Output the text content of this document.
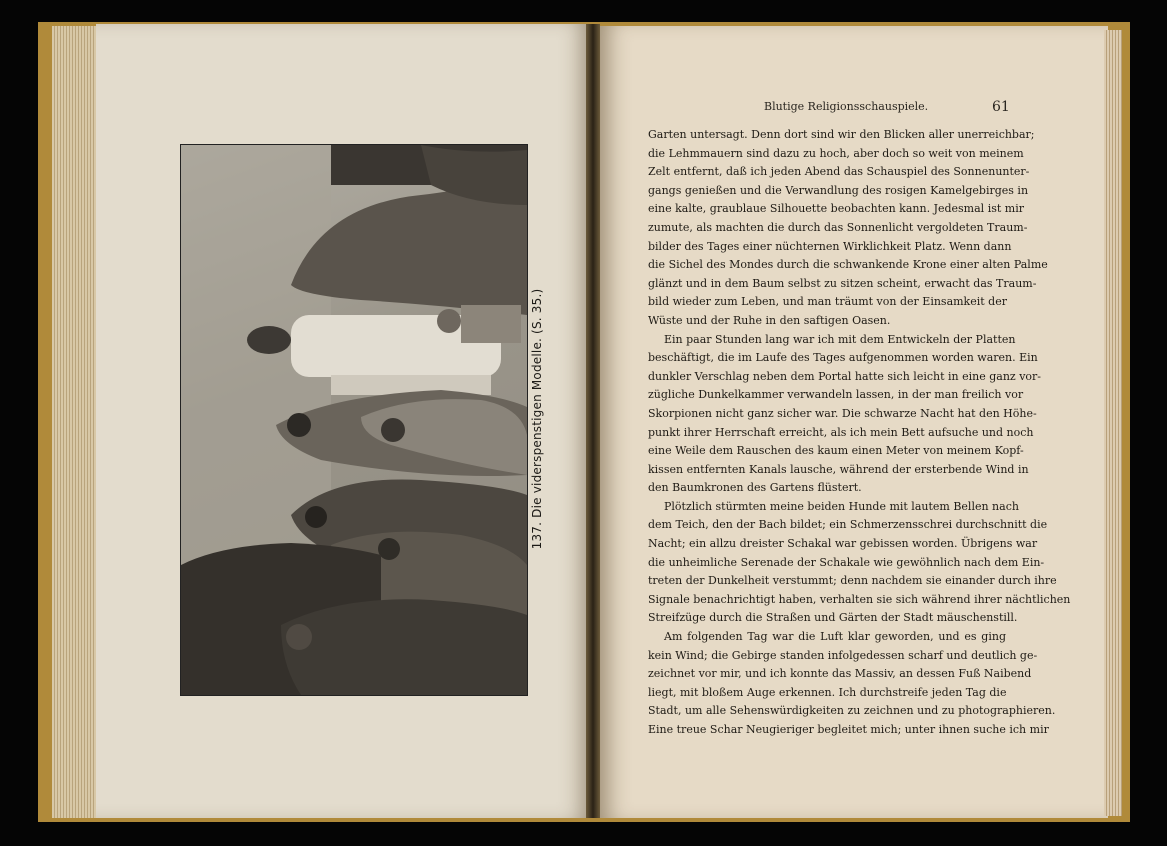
137. Die viderspenstigen Modelle. (S. 35.)
Blutige Religionsschauspiele.	61
Garten untersagt. Denn dort sind wir den Blicken aller unerreichbar;
die Lehmmauern sind dazu zu hoch, aber doch so weit von meinem
Zelt entfernt, daß ich jeden Abend das Schauspiel des Sonnenunter-
gangs genießen und die Verwandlung des rosigen Kamelgebirges in
eine kalte, graublaue Silhouette beobachten kann. Jedesmal ist mir
zumute, als machten die durch das Sonnenlicht vergoldeten Traum-
bilder des Tages einer nüchternen Wirklichkeit Platz. Wenn dann
die Sichel des Mondes durch die schwankende Krone einer alten Palme
glänzt und in dem Baum selbst zu sitzen scheint, erwacht das Traum-
bild wieder zum Leben, und man träumt von der Einsamkeit der
Wüste und der Ruhe in den saftigen Oasen.
Ein paar Stunden lang war ich mit dem Entwickeln der Platten
beschäftigt, die im Laufe des Tages aufgenommen worden waren. Ein
dunkler Verschlag neben dem Portal hatte sich leicht in eine ganz vor-
zügliche Dunkelkammer verwandeln lassen, in der man freilich vor
Skorpionen nicht ganz sicher war. Die schwarze Nacht hat den Höhe-
punkt ihrer Herrschaft erreicht, als ich mein Bett aufsuche und noch
eine Weile dem Rauschen des kaum einen Meter von meinem Kopf-
kissen entfernten Kanals lausche, während der ersterbende Wind in
den Baumkronen des Gartens flüstert.
Plötzlich stürmten meine beiden Hunde mit lautem Bellen nach
dem Teich, den der Bach bildet; ein Schmerzensschrei durchschnitt die
Nacht; ein allzu dreister Schakal war gebissen worden. Übrigens war
die unheimliche Serenade der Schakale wie gewöhnlich nach dem Ein-
treten der Dunkelheit verstummt; denn nachdem sie einander durch ihre
Signale benachrichtigt haben, verhalten sie sich während ihrer nächtlichen
Streifzüge durch die Straßen und Gärten der Stadt mäuschenstill.
Am folgenden Tag war die Luft klar geworden, und es ging
kein Wind; die Gebirge standen infolgedessen scharf und deutlich ge-
zeichnet vor mir, und ich konnte das Massiv, an dessen Fuß Naibend
liegt, mit bloßem Auge erkennen. Ich durchstreife jeden Tag die
Stadt, um alle Sehenswürdigkeiten zu zeichnen und zu photographieren.
Eine treue Schar Neugieriger begleitet mich; unter ihnen suche ich mir
